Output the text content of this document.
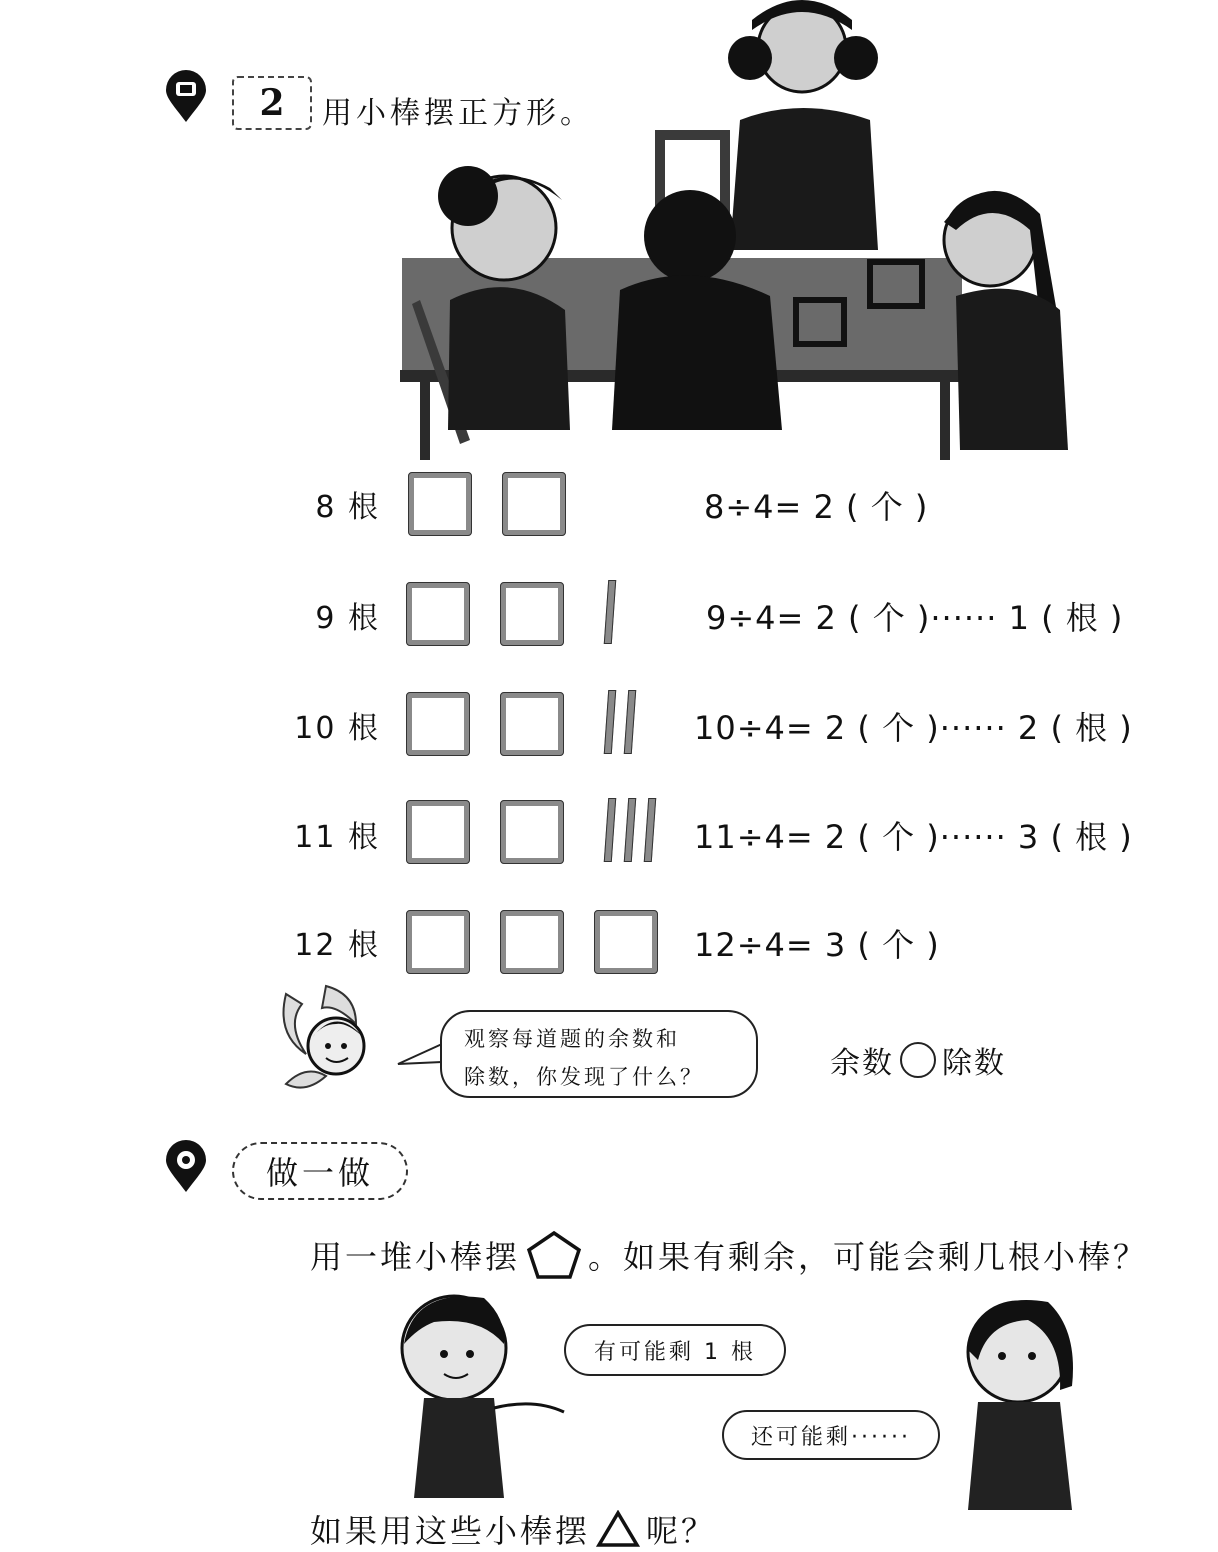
2	用小棒摆正方形。
8 根	8÷4= 2 ( 个 )
9 根	9÷4= 2 ( 个 )······ 1 ( 根 )
10 根	10÷4= 2 ( 个 )······ 2 ( 根 )
11 根	11÷4= 2 ( 个 )······ 3 ( 根 )
12 根	12÷4= 3 ( 个 )
观察每道题的余数和
除数，你发现了什么？	余数 除数
做一做
用一堆小棒摆 。如果有剩余，可能会剩几根小棒？
有可能剩 1 根
还可能剩······
如果用这些小棒摆 呢？
